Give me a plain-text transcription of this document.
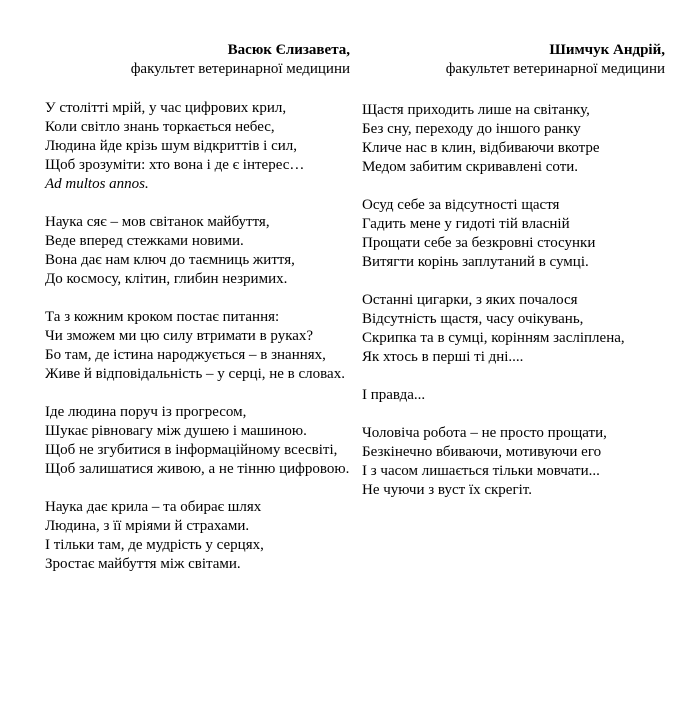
Васюк Єлизавета,

факультет ветеринарної медицини

У столітті мрій, у час цифрових крил,
Коли світло знань торкається небес,
Людина йде крізь шум відкриттів і сил,
Щоб зрозуміти: хто вона і де є інтерес…
Ad multos annos.
Наука сяє – мов світанок майбуття,
Веде вперед стежками новими.
Вона дає нам ключ до таємниць життя,
До космосу, клітин, глибин незримих.
Та з кожним кроком постає питання:
Чи зможем ми цю силу втримати в руках?
Бо там, де істина народжується – в знаннях,
Живе й відповідальність – у серці, не в словах.
Іде людина поруч із прогресом,
Шукає рівновагу між душею і машиною.
Щоб не згубитися в інформаційному всесвіті,
Щоб залишатися живою, а не тінню цифровою.
Наука дає крила – та обирає шлях
Людина, з її мріями й страхами.
І тільки там, де мудрість у серцях,
Зростає майбуття між світами.

Шимчук Андрій,

факультет ветеринарної медицини

Щастя приходить лише на світанку,
Без сну, переходу до іншого ранку
Кличе нас в клин, відбиваючи вкотре
Медом забитим скривавлені соти.
Осуд себе за відсутності щастя
Гадить мене у гидоті тій власній
Прощати себе за безкровні стосунки
Витягти корінь заплутаний в сумці.
Останні цигарки, з яких почалося
Відсутність щастя, часу очікувань,
Скрипка та в сумці, корінням засліплена,
Як хтось в перші ті дні....
І правда...
Чоловіча робота – не просто прощати,
Безкінечно вбиваючи, мотивуючи его
І з часом лишається тільки мовчати...
Не чуючи з вуст їх скрегіт.
